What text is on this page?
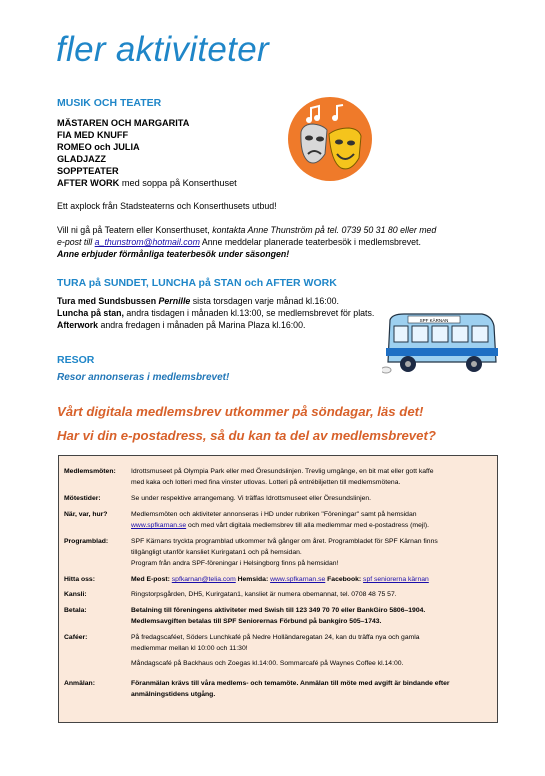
fler aktiviteter
MUSIK OCH TEATER
MÄSTAREN OCH MARGARITA
FIA MED KNUFF
ROMEO och JULIA
GLADJAZZ
SOPPTEATER
AFTER WORK med soppa på Konserthuset
Ett axplock från Stadsteaterns och Konserthusets utbud!
Vill ni gå på Teatern eller Konserthuset, kontakta Anne Thunström på tel. 0739 50 31 80 eller med
e-post till a_thunstrom@hotmail.com Anne meddelar planerade teaterbesök i medlemsbrevet.
Anne erbjuder förmånliga teaterbesök under säsongen!
TURA på SUNDET, LUNCHA på STAN och AFTER WORK
Tura med Sundsbussen Pernille sista torsdagen varje månad kl.16:00.
Luncha på stan, andra tisdagen i månaden kl.13:00, se medlemsbrevet för plats.
Afterwork andra fredagen i månaden på Marina Plaza kl.16:00.	SPF KÄRNAN
RESOR
Resor annonseras i medlemsbrevet!
Vårt digitala medlemsbrev utkommer på söndagar, läs det!
Har vi din e-postadress, så du kan ta del av medlemsbrevet?
Medlemsmöten: Idrottsmuseet på Olympia Park eller med Öresundslinjen. Trevlig umgänge, en bit mat eller gott kaffe
med kaka och lotteri med fina vinster utlovas. Lotteri på entrébiljetten till medlemsmötena.
Mötestider:	Se under respektive arrangemang. Vi träffas Idrottsmuseet eller Öresundslinjen.
När, var, hur?	Medlemsmöten och aktiviteter annonseras i HD under rubriken "Föreningar" samt på hemsidan
www.spfkarnan.se och med vårt digitala medlemsbrev till alla medlemmar med e-postadress (mejl).
Programblad:	SPF Kärnans tryckta programblad utkommer två gånger om året. Programbladet för SPF Kärnan finns
tillgängligt utanför kansliet Kurirgatan1 och på hemsidan.
Program från andra SPF-föreningar i Helsingborg finns på hemsidan!
Hitta oss:	Med E-post: spfkarnan@telia.com Hemsida: www.spfkarnan.se Facebook: spf seniorerna kärnan
Kansli:	Ringstorpsgården, DH5, Kurirgatan1, kansliet är numera obemannat, tel. 0708 48 75 57.
Betala:	Betalning till föreningens aktiviteter med Swish till 123 349 70 70 eller BankGiro 5806–1904.
Medlemsavgiften betalas till SPF Seniorernas Förbund på bankgiro 505–1743.
Caféer:	På fredagscaféet, Söders Lunchkafé på Nedre Holländaregatan 24, kan du träffa nya och gamla
medlemmar mellan kl 10:00 och 11:30!
Måndagscafé på Backhaus och Zoegas kl.14:00. Sommarcafé på Waynes Coffee kl.14:00.
Anmälan:	Föranmälan krävs till våra medlems- och temamöte. Anmälan till möte med avgift är bindande efter
anmälningstidens utgång.
